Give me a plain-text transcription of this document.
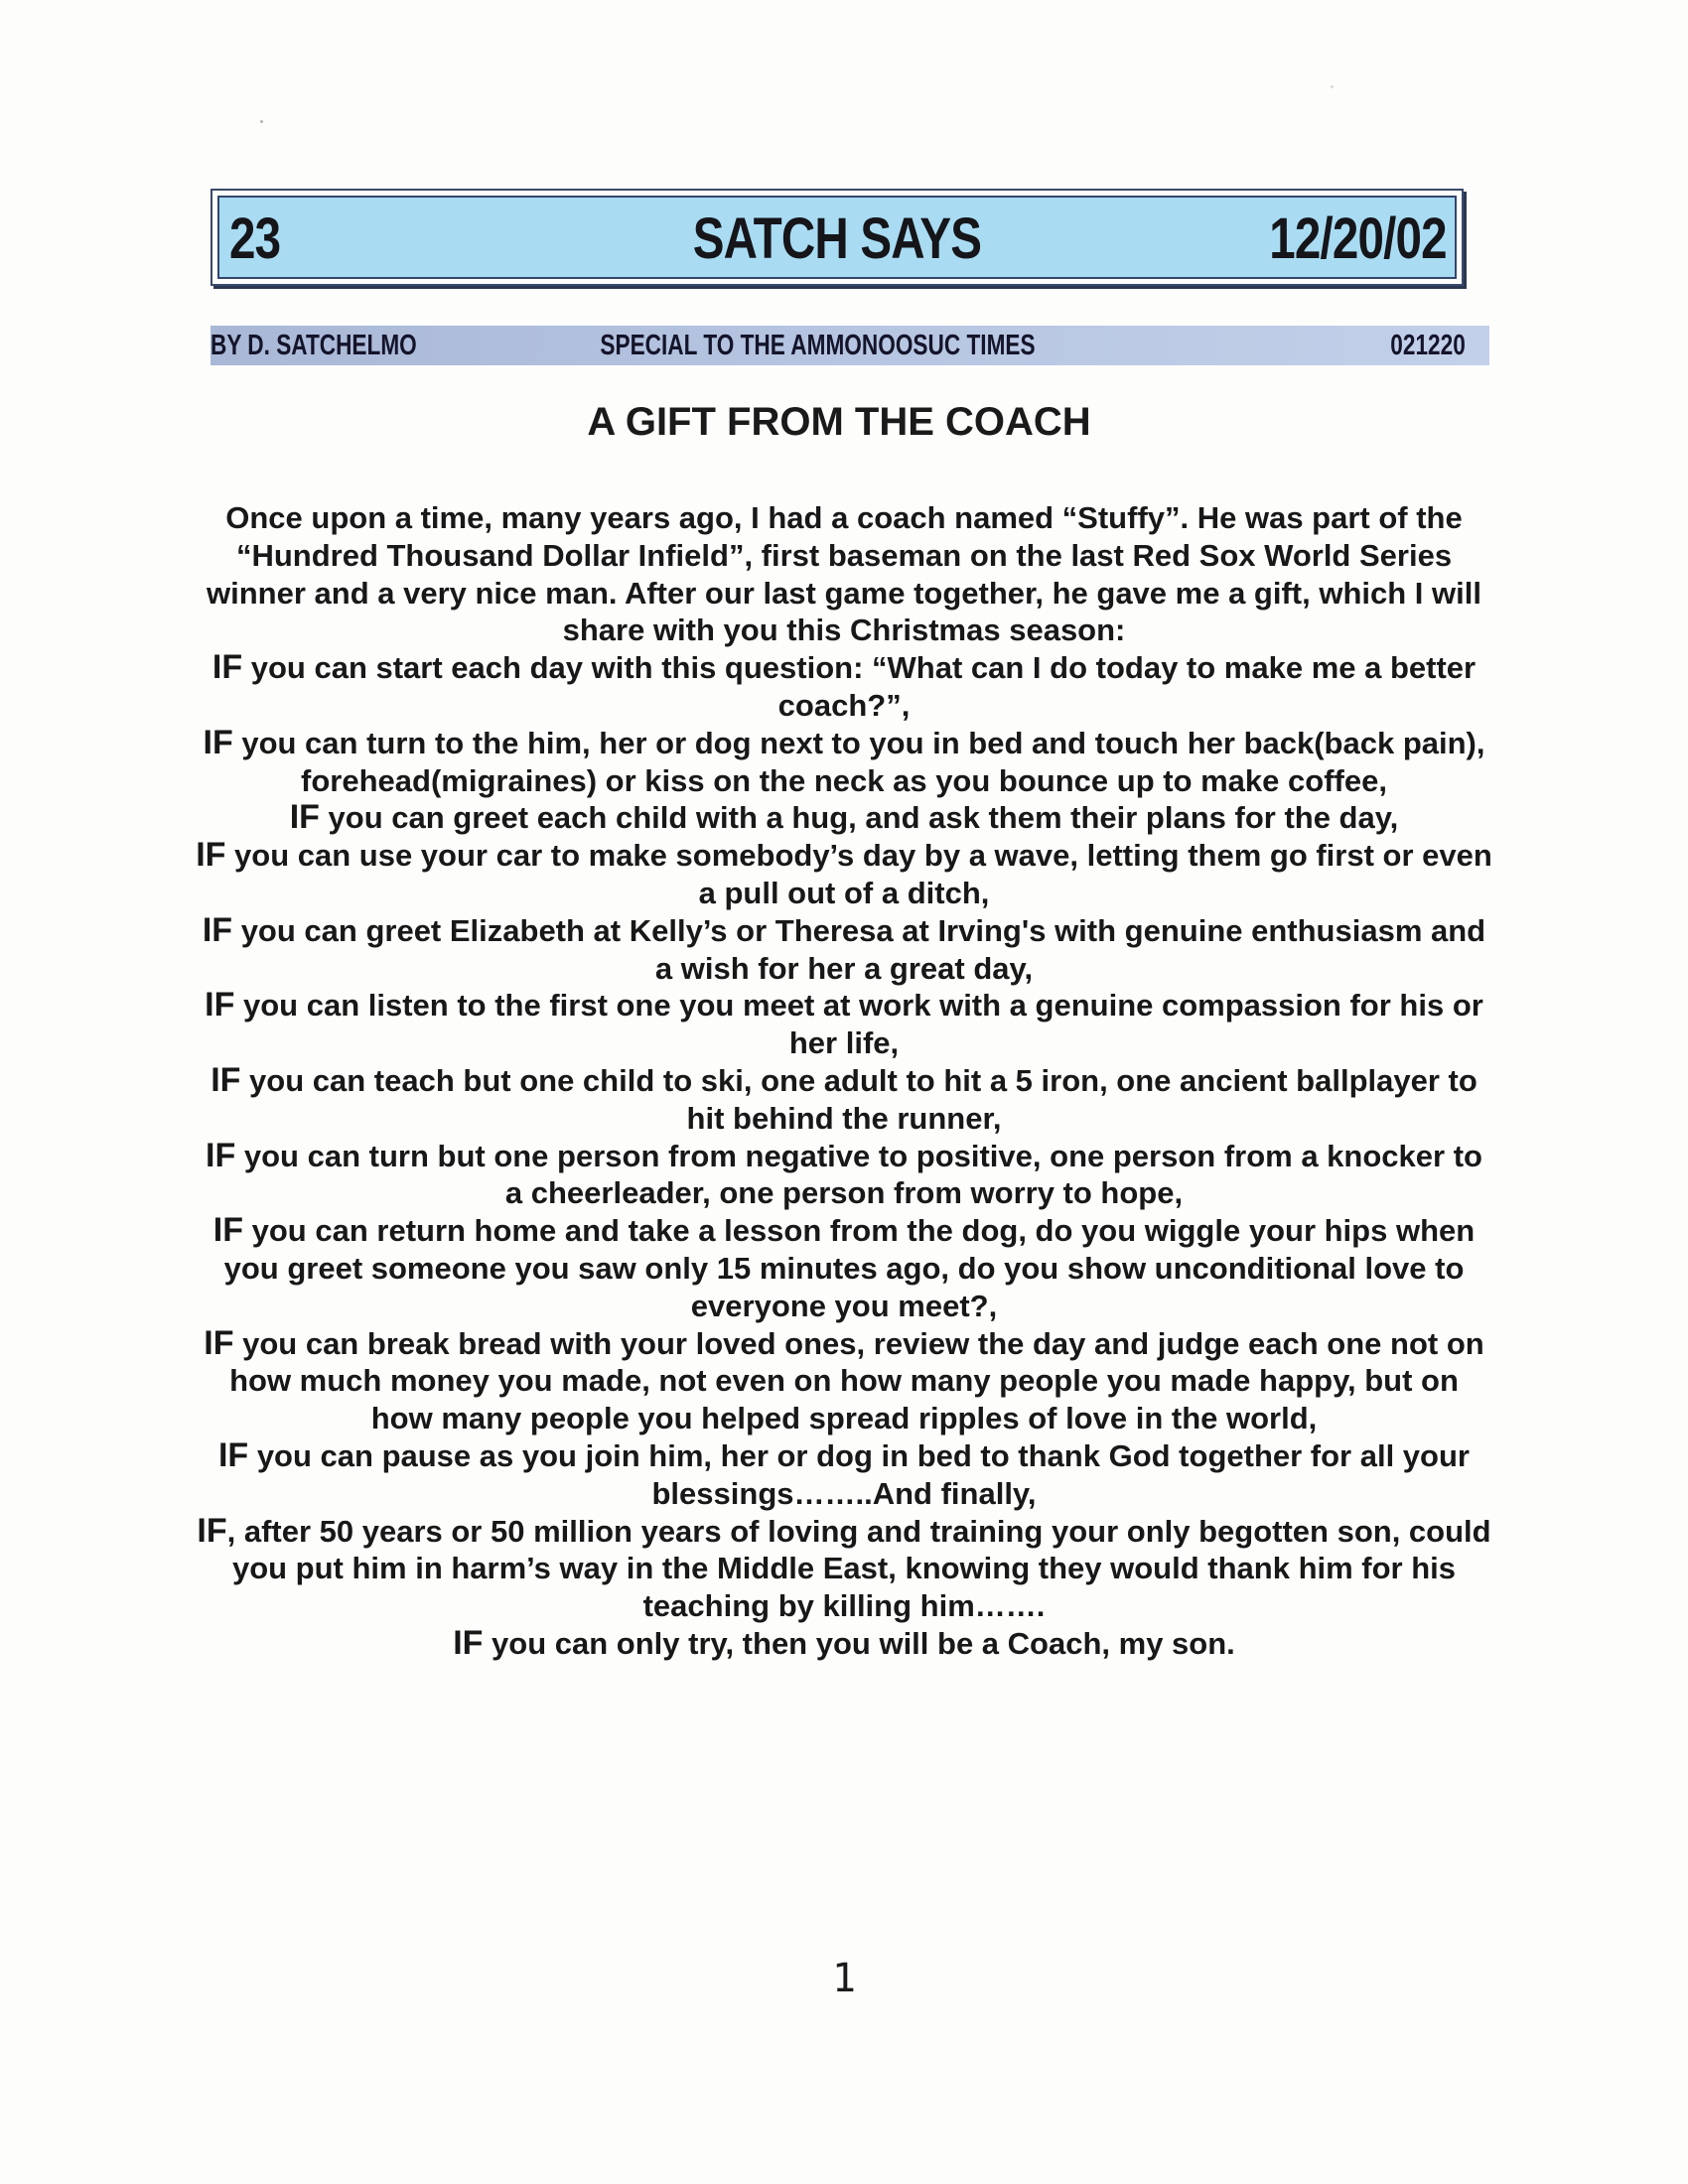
23	SATCH SAYS	12/20/02
BY D. SATCHELMO	SPECIAL TO THE AMMONOOSUC TIMES	021220
A GIFT FROM THE COACH

Once upon a time, many years ago, I had a coach named “Stuffy”. He was part of the “Hundred Thousand Dollar Infield”, first baseman on the last Red Sox World Series winner and a very nice man. After our last game together, he gave me a gift, which I will share with you this Christmas season:

IF you can start each day with this question: “What can I do today to make me a better coach?”,

IF you can turn to the him, her or dog next to you in bed and touch her back(back pain), forehead(migraines) or kiss on the neck as you bounce up to make coffee,

IF you can greet each child with a hug, and ask them their plans for the day,

IF you can use your car to make somebody’s day by a wave, letting them go first or even a pull out of a ditch,

IF you can greet Elizabeth at Kelly’s or Theresa at Irving's with genuine enthusiasm and a wish for her a great day,

IF you can listen to the first one you meet at work with a genuine compassion for his or her life,

IF you can teach but one child to ski, one adult to hit a 5 iron, one ancient ballplayer to hit behind the runner,

IF you can turn but one person from negative to positive, one person from a knocker to a cheerleader, one person from worry to hope,

IF you can return home and take a lesson from the dog, do you wiggle your hips when you greet someone you saw only 15 minutes ago, do you show unconditional love to everyone you meet?,

IF you can break bread with your loved ones, review the day and judge each one not on how much money you made, not even on how many people you made happy, but on how many people you helped spread ripples of love in the world,

IF you can pause as you join him, her or dog in bed to thank God together for all your blessings……..And finally,

IF, after 50 years or 50 million years of loving and training your only begotten son, could you put him in harm’s way in the Middle East, knowing they would thank him for his teaching by killing him…….

IF you can only try, then you will be a Coach, my son.

1
